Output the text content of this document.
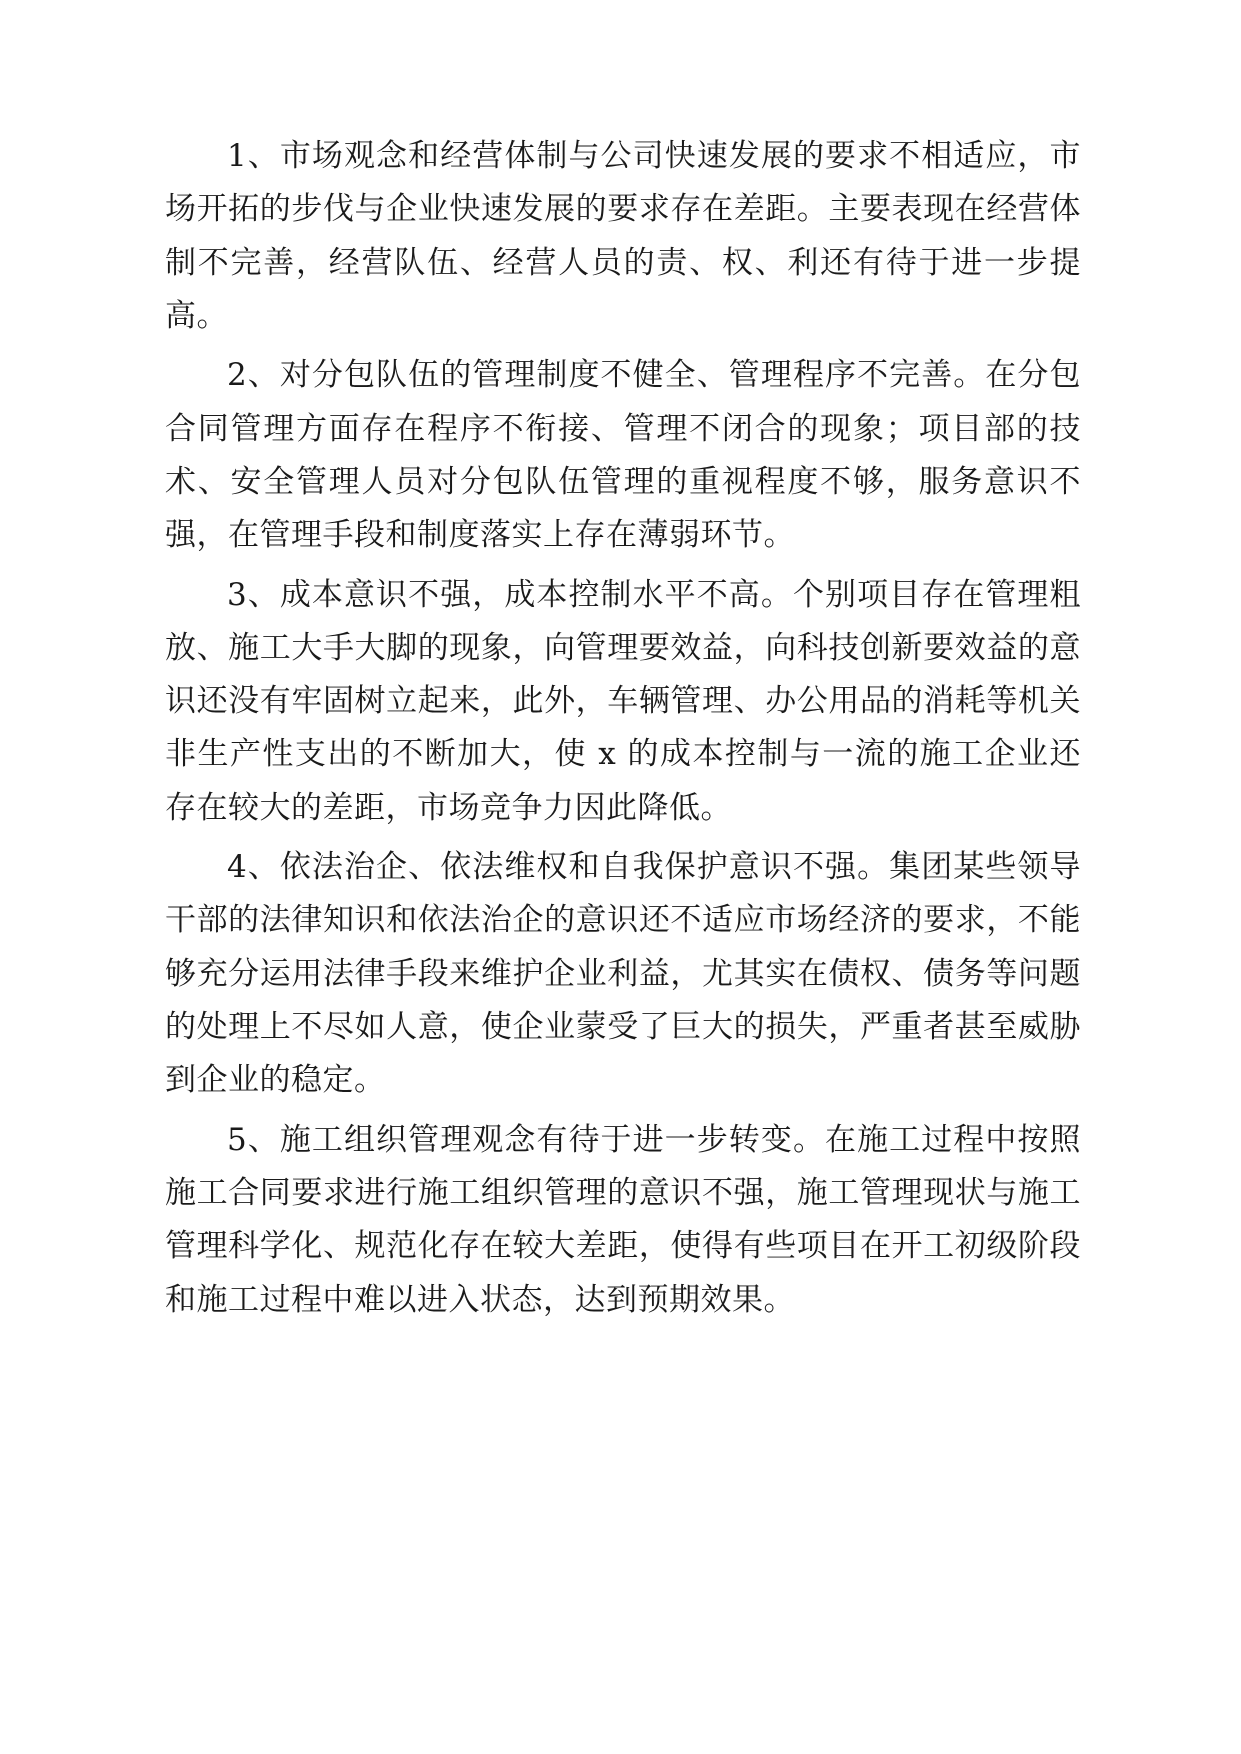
1、市场观念和经营体制与公司快速发展的要求不相适应，市场开拓的步伐与企业快速发展的要求存在差距。主要表现在经营体制不完善，经营队伍、经营人员的责、权、利还有待于进一步提高。

2、对分包队伍的管理制度不健全、管理程序不完善。在分包合同管理方面存在程序不衔接、管理不闭合的现象；项目部的技术、安全管理人员对分包队伍管理的重视程度不够，服务意识不强，在管理手段和制度落实上存在薄弱环节。

3、成本意识不强，成本控制水平不高。个别项目存在管理粗放、施工大手大脚的现象，向管理要效益，向科技创新要效益的意识还没有牢固树立起来，此外，车辆管理、办公用品的消耗等机关非生产性支出的不断加大，使 x 的成本控制与一流的施工企业还存在较大的差距，市场竞争力因此降低。

4、依法治企、依法维权和自我保护意识不强。集团某些领导干部的法律知识和依法治企的意识还不适应市场经济的要求，不能够充分运用法律手段来维护企业利益，尤其实在债权、债务等问题的处理上不尽如人意，使企业蒙受了巨大的损失，严重者甚至威胁到企业的稳定。

5、施工组织管理观念有待于进一步转变。在施工过程中按照施工合同要求进行施工组织管理的意识不强，施工管理现状与施工管理科学化、规范化存在较大差距，使得有些项目在开工初级阶段和施工过程中难以进入状态，达到预期效果。
